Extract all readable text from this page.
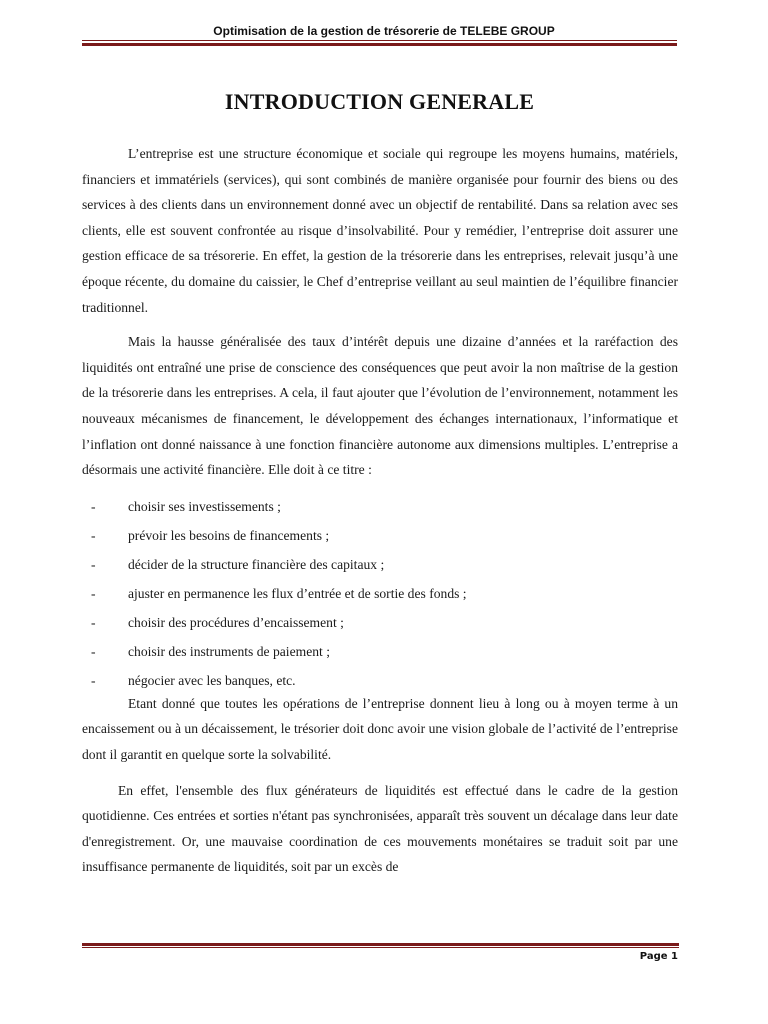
Optimisation de la gestion de trésorerie de TELEBE GROUP
INTRODUCTION GENERALE

L’entreprise est une structure économique et sociale qui regroupe les moyens humains, matériels, financiers et immatériels (services), qui sont combinés de manière organisée pour fournir des biens ou des services à des clients dans un environnement donné avec un objectif de rentabilité. Dans sa relation avec ses clients, elle est souvent confrontée au risque d’insolvabilité. Pour y remédier, l’entreprise doit assurer une gestion efficace de sa trésorerie. En effet, la gestion de la trésorerie dans les entreprises, relevait jusqu’à une époque récente, du domaine du caissier, le Chef d’entreprise veillant au seul maintien de l’équilibre financier traditionnel.

Mais la hausse généralisée des taux d’intérêt depuis une dizaine d’années et la raréfaction des liquidités ont entraîné une prise de conscience des conséquences que peut avoir la non maîtrise de la gestion de la trésorerie dans les entreprises. A cela, il faut ajouter que l’évolution de l’environnement, notamment les nouveaux mécanismes de financement, le développement des échanges internationaux, l’informatique et l’inflation ont donné naissance à une fonction financière autonome aux dimensions multiples. L’entreprise a désormais une activité financière. Elle doit à ce titre :

- choisir ses investissements ;
- prévoir les besoins de financements ;
- décider de la structure financière des capitaux ;
- ajuster en permanence les flux d’entrée et de sortie des fonds ;
- choisir des procédures d’encaissement ;
- choisir des instruments de paiement ;
- négocier avec les banques, etc.

Etant donné que toutes les opérations de l’entreprise donnent lieu à long ou à moyen terme à un encaissement ou à un décaissement, le trésorier doit donc avoir une vision globale de l’activité de l’entreprise dont il garantit en quelque sorte la solvabilité.

En effet, l'ensemble des flux générateurs de liquidités est effectué dans le cadre de la gestion quotidienne. Ces entrées et sorties n'étant pas synchronisées, apparaît très souvent un décalage dans leur date d'enregistrement. Or, une mauvaise coordination de ces mouvements monétaires se traduit soit par une insuffisance permanente de liquidités, soit par un excès de

Page 1
